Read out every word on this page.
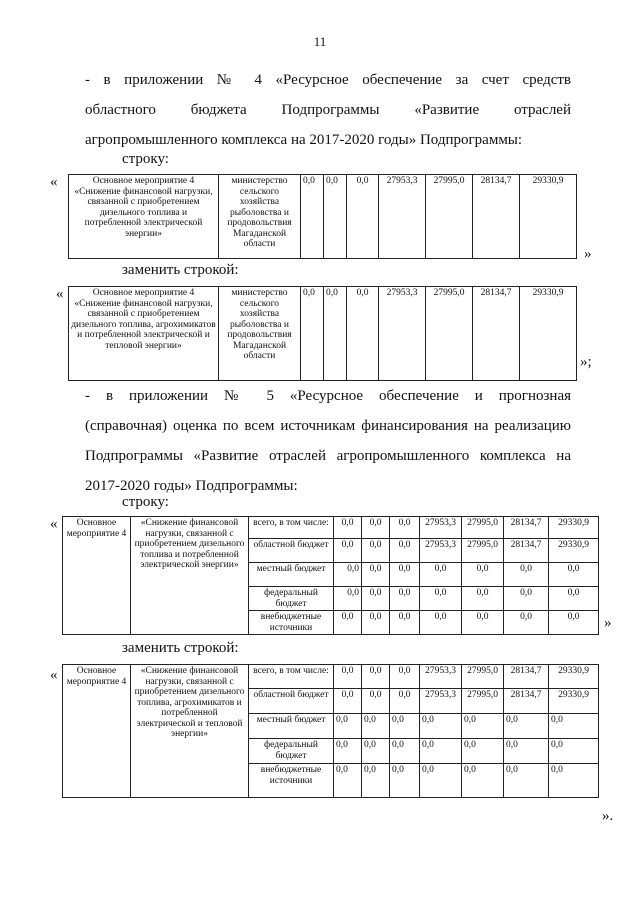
11
- в приложении № 4 «Ресурсное обеспечение за счет средств
областного бюджета Подпрограммы «Развитие отраслей
агропромышленного комплекса на 2017-2020 годы» Подпрограммы:
строку:
«	Основное мероприятие 4 «Снижение финансовой нагрузки, связанной с приобретением дизельного топлива и потребленной электрической энергии»	министерство сельского хозяйства рыболовства и продовольствия Магаданской области	0,0	0,0	0,0	27953,3	27995,0	28134,7	29330,9
»
заменить строкой:
«	Основное мероприятие 4 «Снижение финансовой нагрузки, связанной с приобретением дизельного топлива, агрохимикатов и потребленной электрической и тепловой энергии»	министерство сельского хозяйства рыболовства и продовольствия Магаданской области	0,0	0,0	0,0	27953,3	27995,0	28134,7	29330,9
»;
- в приложении № 5 «Ресурсное обеспечение и прогнозная
(справочная) оценка по всем источникам финансирования на реализацию
Подпрограммы «Развитие отраслей агропромышленного комплекса на
2017-2020 годы» Подпрограммы:
строку:
« Основное мероприятие 4	«Снижение финансовой нагрузки, связанной с приобретением дизельного топлива и потребленной электрической энергии»	всего, в том числе:	0,0	0,0	0,0	27953,3	27995,0	28134,7	29330,9
		областной бюджет	0,0	0,0	0,0	27953,3	27995,0	28134,7	29330,9
		местный бюджет	0,0	0,0	0,0	0,0	0,0	0,0	0,0
		федеральный бюджет	0,0	0,0	0,0	0,0	0,0	0,0	0,0
		внебюджетные источники	0,0	0,0	0,0	0,0	0,0	0,0	0,0 »
заменить строкой:
« Основное мероприятие 4	«Снижение финансовой нагрузки, связанной с приобретением дизельного топлива, агрохимикатов и потребленной электрической и тепловой энергии»	всего, в том числе:	0,0	0,0	0,0	27953,3	27995,0	28134,7	29330,9
		областной бюджет	0,0	0,0	0,0	27953,3	27995,0	28134,7	29330,9
		местный бюджет	0,0	0,0	0,0	0,0	0,0	0,0	0,0
		федеральный бюджет	0,0	0,0	0,0	0,0	0,0	0,0	0,0
		внебюджетные источники	0,0	0,0	0,0	0,0	0,0	0,0	0,0
».
